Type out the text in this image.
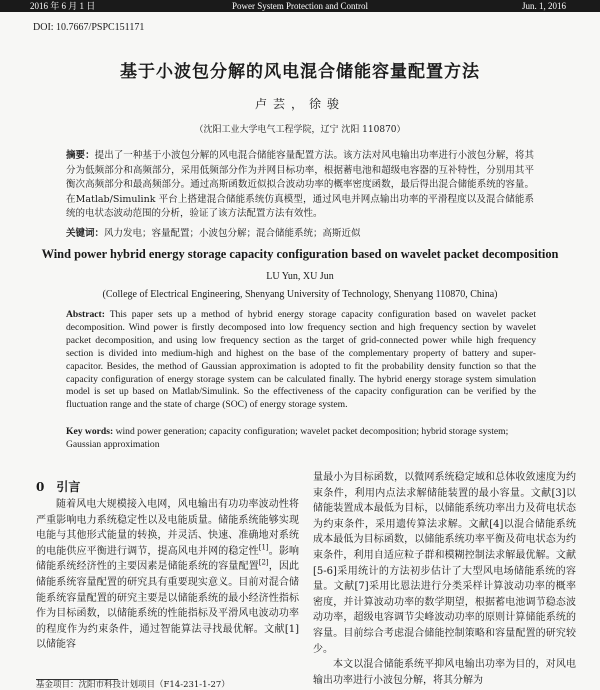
2016 年 6 月 1 日	Power System Protection and Control	Jun. 1, 2016
DOI: 10.7667/PSPC151171
基于小波包分解的风电混合储能容量配置方法
卢芸，徐骏
（沈阳工业大学电气工程学院，辽宁 沈阳 110870）
摘要：提出了一种基于小波包分解的风电混合储能容量配置方法。该方法对风电输出功率进行小波包分解，将其分为低频部分和高频部分，采用低频部分作为并网目标功率，根据蓄电池和超级电容器的互补特性，分别用其平衡次高频部分和最高频部分。通过高斯函数近似拟合波动功率的概率密度函数，最后得出混合储能系统的容量。在Matlab/Simulink 平台上搭建混合储能系统仿真模型，通过风电并网点输出功率的平滑程度以及混合储能系统的电状态波动范围的分析，验证了该方法配置方法有效性。
关键词：风力发电；容量配置；小波包分解；混合储能系统；高斯近似
Wind power hybrid energy storage capacity configuration based on wavelet packet decomposition
LU Yun, XU Jun
(College of Electrical Engineering, Shenyang University of Technology, Shenyang 110870, China)
Abstract: This paper sets up a method of hybrid energy storage capacity configuration based on wavelet packet decomposition. Wind power is firstly decomposed into low frequency section and high frequency section by wavelet packet decomposition, and using low frequency section as the target of grid-connected power while high frequency section is divided into medium-high and highest on the base of the complementary property of battery and super-capacitor. Besides, the method of Gaussian approximation is adopted to fit the probability density function so that the capacity configuration of energy storage system can be calculated finally. The hybrid energy storage system simulation model is set up based on Matlab/Simulink. So the effectiveness of the capacity configuration can be verified by the fluctuation range and the state of charge (SOC) of energy storage system.
Key words: wind power generation; capacity configuration; wavelet packet decomposition; hybrid storage system; Gaussian approximation
0 引言
随着风电大规模接入电网，风电输出有功功率波动性将严重影响电力系统稳定性以及电能质量。储能系统能够实现电能与其他形式能量的转换，并灵活、快速、准确地对系统的电能供应平衡进行调节，提高风电并网的稳定性[1]。影响储能系统经济性的主要因素是储能系统的容量配置[2]，因此储能系统容量配置的研究具有重要现实意义。目前对混合储能系统容量配置的研究主要是以储能系统的最小经济性指标作为目标函数，以储能系统的性能指标及平滑风电波动功率的程度作为约束条件，通过智能算法寻找最优解。文献[1]以储能容

量最小为目标函数，以微网系统稳定域和总体收敛速度为约束条件，利用内点法求解储能装置的最小容量。文献[3]以储能装置成本最低为目标，以储能系统功率出力及荷电状态为约束条件，采用遗传算法求解。文献[4]以混合储能系统成本最低为目标函数，以储能系统功率平衡及荷电状态为约束条件，利用自适应粒子群和模糊控制法求解最优解。文献[5-6]采用统计的方法初步估计了大型风电场储能系统的容量。文献[7]采用比恩法进行分类采样计算波动功率的概率密度，并计算波动功率的数学期望，根据蓄电池调节稳态波动功率，超级电容调节尖峰波动功率的原则计算储能系统的容量。目前综合考虑混合储能控制策略和容量配置的研究较少。

本文以混合储能系统平抑风电输出功率为目的，对风电输出功率进行小波包分解，将其分解为

基金项目：沈阳市科技计划项目（F14-231-1-27）
